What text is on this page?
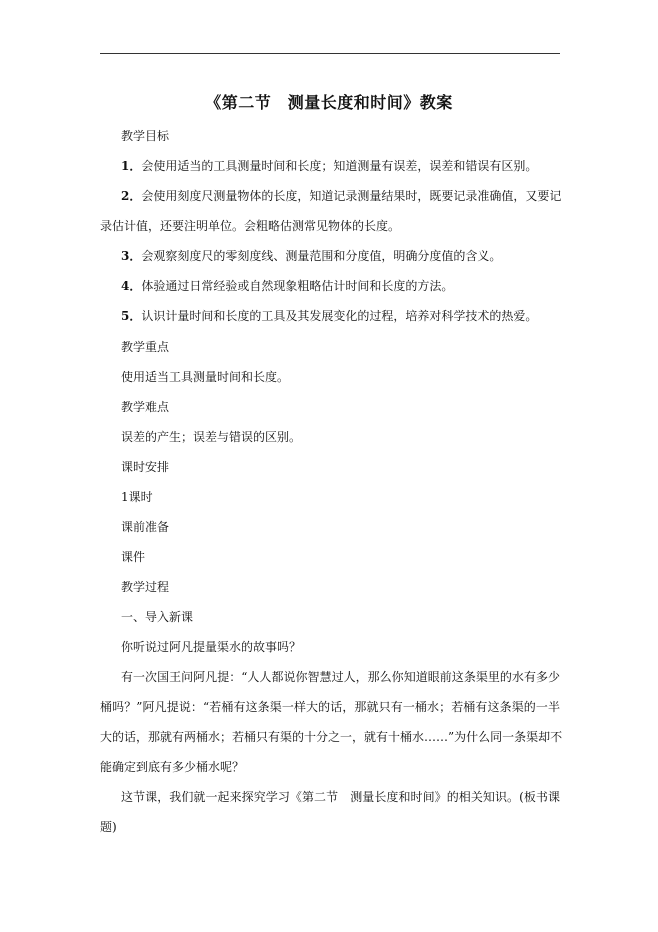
《第二节　测量长度和时间》教案
教学目标
1．会使用适当的工具测量时间和长度；知道测量有误差，误差和错误有区别。
2．会使用刻度尺测量物体的长度，知道记录测量结果时，既要记录准确值，又要记
录估计值，还要注明单位。会粗略估测常见物体的长度。
3．会观察刻度尺的零刻度线、测量范围和分度值，明确分度值的含义。
4．体验通过日常经验或自然现象粗略估计时间和长度的方法。
5．认识计量时间和长度的工具及其发展变化的过程，培养对科学技术的热爱。
教学重点
使用适当工具测量时间和长度。
教学难点
误差的产生；误差与错误的区别。
课时安排
1课时
课前准备
课件
教学过程
一、导入新课
你听说过阿凡提量渠水的故事吗？
有一次国王问阿凡提：“人人都说你智慧过人，那么你知道眼前这条渠里的水有多少
桶吗？”阿凡提说：“若桶有这条渠一样大的话，那就只有一桶水；若桶有这条渠的一半
大的话，那就有两桶水；若桶只有渠的十分之一，就有十桶水……”为什么同一条渠却不
能确定到底有多少桶水呢？
这节课，我们就一起来探究学习《第二节　测量长度和时间》的相关知识。(板书课
题)
